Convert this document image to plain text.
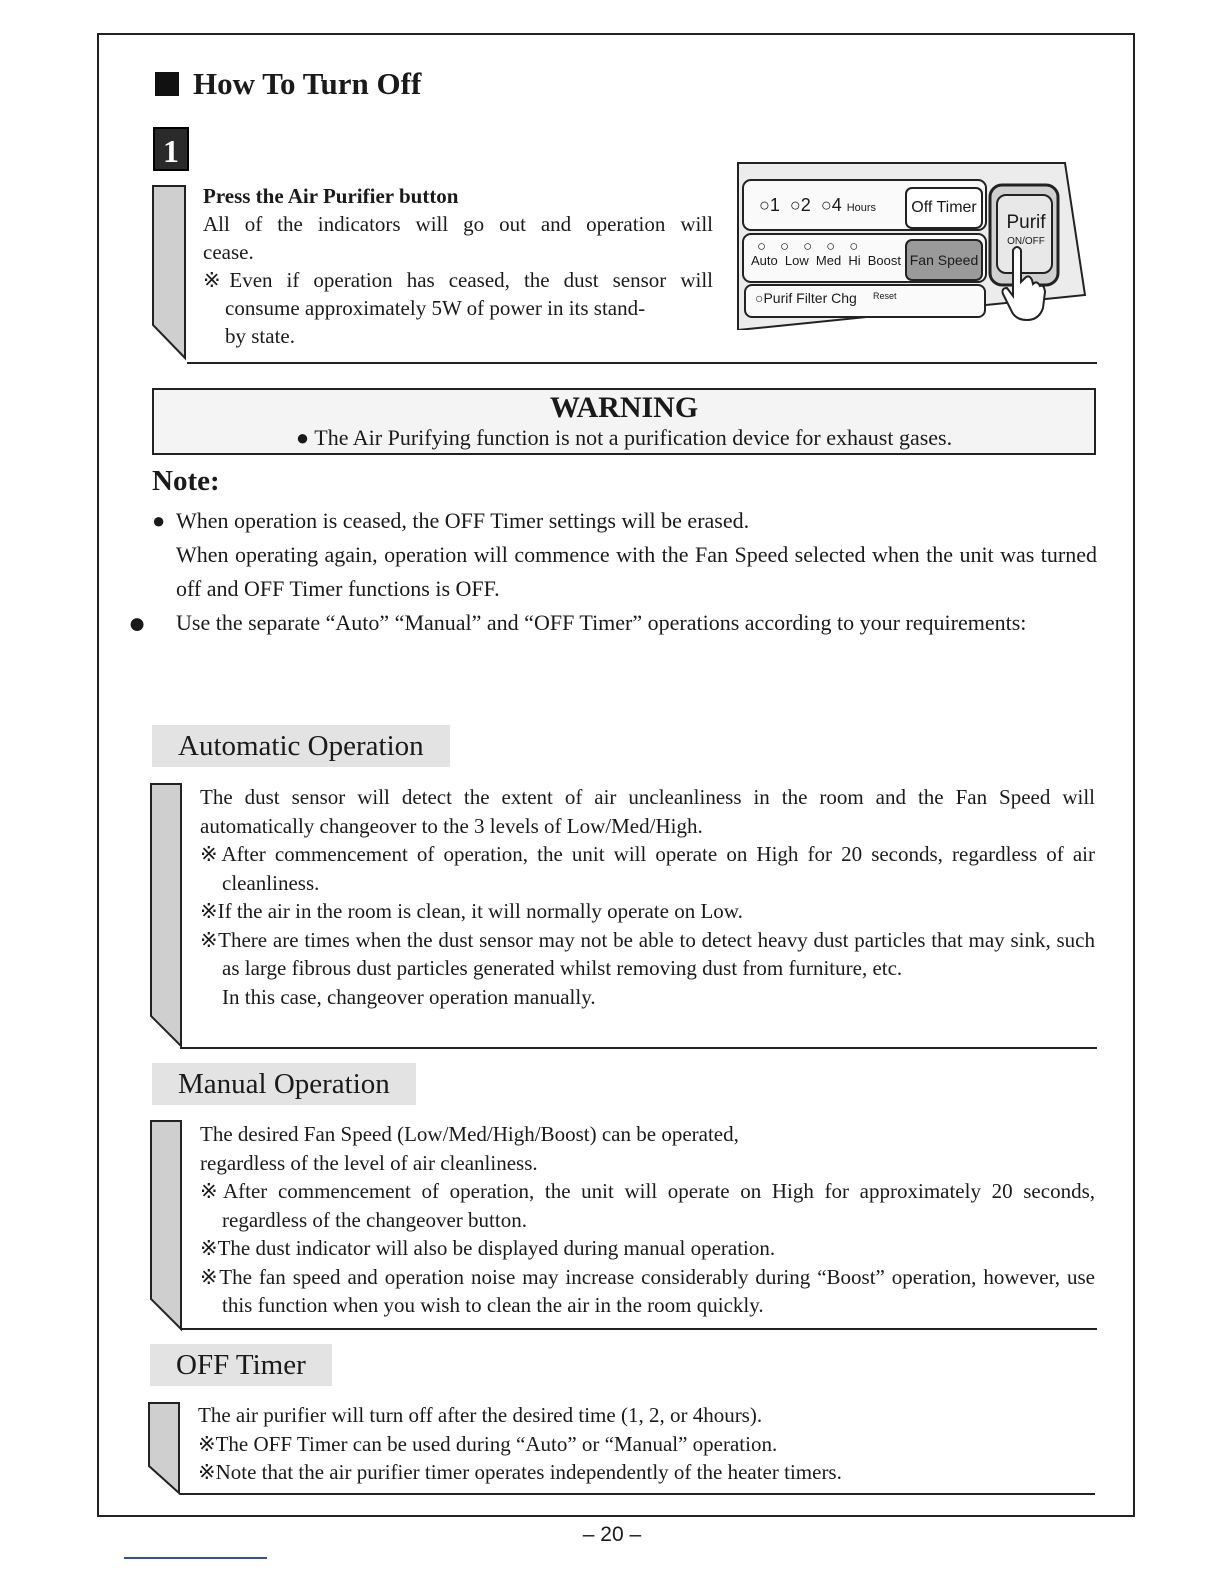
How To Turn Off
1
Press the Air Purifier button
All of the indicators will go out and operation will
cease.
※Even if operation has ceased, the dust sensor will
consume approximately 5W of power in its stand-
by state.
○1 ○2 ○4 Hours	Off Timer
○○○○○
Auto Low Med Hi Boost Fan Speed
○Purif Filter Chg Reset
Purif
ON/OFF
WARNING
● The Air Purifying function is not a purification device for exhaust gases.
Note:

● When operation is ceased, the OFF Timer settings will be erased.

When operating again, operation will commence with the Fan Speed selected when the unit was turned off and OFF Timer functions is OFF.

● Use the separate “Auto” “Manual” and “OFF Timer” operations according to your requirements:

Automatic Operation

The dust sensor will detect the extent of air uncleanliness in the room and the Fan Speed will automatically changeover to the 3 levels of Low/Med/High.

※After commencement of operation, the unit will operate on High for 20 seconds, regardless of air cleanliness.

※If the air in the room is clean, it will normally operate on Low.

※There are times when the dust sensor may not be able to detect heavy dust particles that may sink, such as large fibrous dust particles generated whilst removing dust from furniture, etc.

In this case, changeover operation manually.

Manual Operation

The desired Fan Speed (Low/Med/High/Boost) can be operated,

regardless of the level of air cleanliness.

※After commencement of operation, the unit will operate on High for approximately 20 seconds, regardless of the changeover button.

※The dust indicator will also be displayed during manual operation.

※The fan speed and operation noise may increase considerably during “Boost” operation, however, use this function when you wish to clean the air in the room quickly.

OFF Timer

The air purifier will turn off after the desired time (1, 2, or 4hours).

※The OFF Timer can be used during “Auto” or “Manual” operation.

※Note that the air purifier timer operates independently of the heater timers.

– 20 –
